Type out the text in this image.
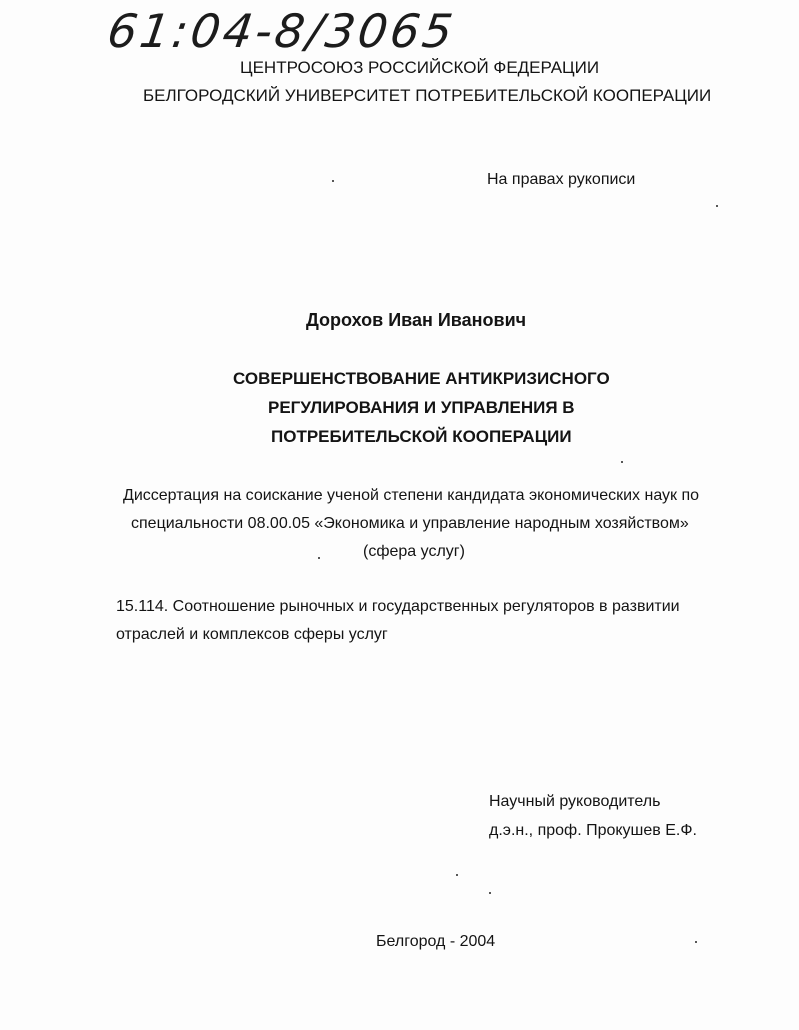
61:04-8/3065
ЦЕНТРОСОЮЗ РОССИЙСКОЙ ФЕДЕРАЦИИ
БЕЛГОРОДСКИЙ УНИВЕРСИТЕТ ПОТРЕБИТЕЛЬСКОЙ КООПЕРАЦИИ
На правах рукописи
Дорохов Иван Иванович
СОВЕРШЕНСТВОВАНИЕ АНТИКРИЗИСНОГО
РЕГУЛИРОВАНИЯ И УПРАВЛЕНИЯ В
ПОТРЕБИТЕЛЬСКОЙ КООПЕРАЦИИ
Диссертация на соискание ученой степени кандидата экономических наук по
специальности 08.00.05 «Экономика и управление народным хозяйством»
(сфера услуг)
15.114. Соотношение рыночных и государственных регуляторов в развитии
отраслей и комплексов сферы услуг
Научный руководитель
д.э.н., проф. Прокушев Е.Ф.
Белгород - 2004
